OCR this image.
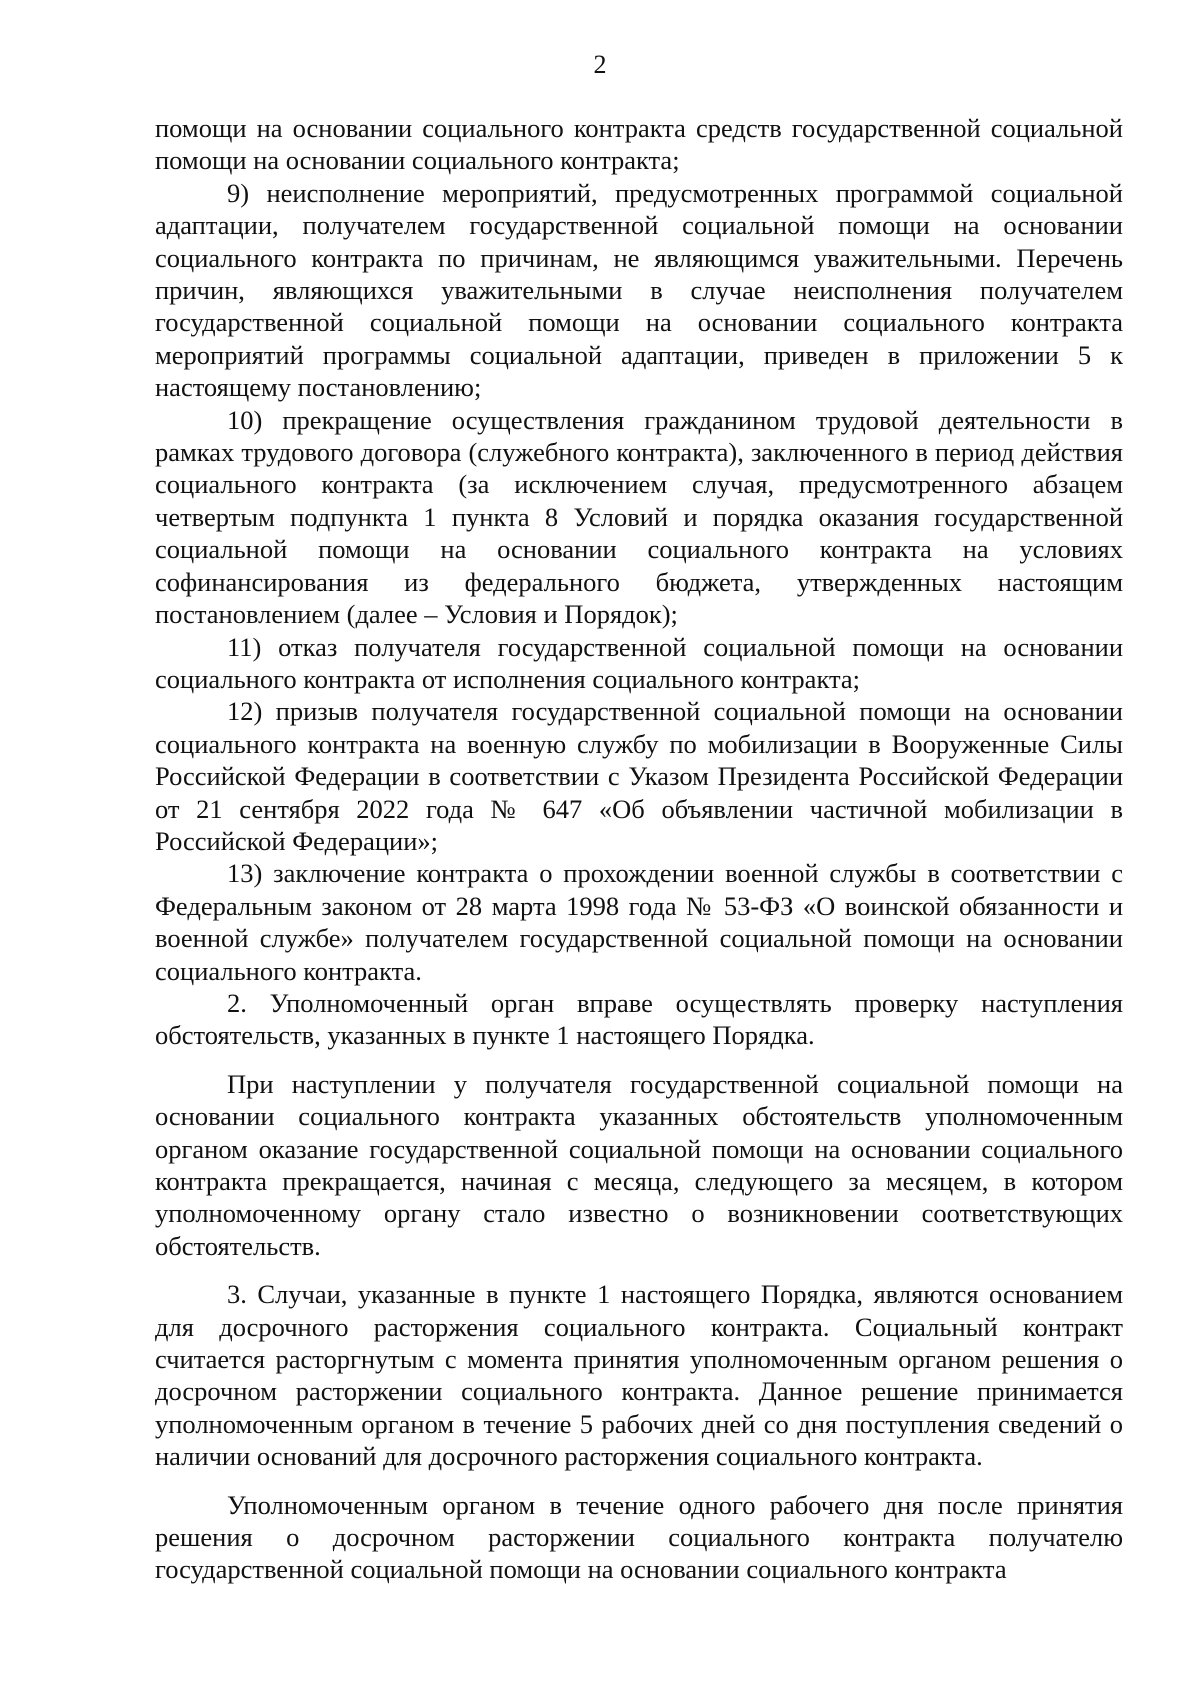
2

помощи на основании социального контракта средств государственной социальной помощи на основании социального контракта;

9) неисполнение мероприятий, предусмотренных программой социальной адаптации, получателем государственной социальной помощи на основании социального контракта по причинам, не являющимся уважительными. Перечень причин, являющихся уважительными в случае неисполнения получателем государственной социальной помощи на основании социального контракта мероприятий программы социальной адаптации, приведен в приложении 5 к настоящему постановлению;

10) прекращение осуществления гражданином трудовой деятельности в рамках трудового договора (служебного контракта), заключенного в период действия социального контракта (за исключением случая, предусмотренного абзацем четвертым подпункта 1 пункта 8 Условий и порядка оказания государственной социальной помощи на основании социального контракта на условиях софинансирования из федерального бюджета, утвержденных настоящим постановлением (далее – Условия и Порядок);

11) отказ получателя государственной социальной помощи на основании социального контракта от исполнения социального контракта;

12) призыв получателя государственной социальной помощи на основании социального контракта на военную службу по мобилизации в Вооруженные Силы Российской Федерации в соответствии с Указом Президента Российской Федерации от 21 сентября 2022 года № 647 «Об объявлении частичной мобилизации в Российской Федерации»;

13) заключение контракта о прохождении военной службы в соответствии с Федеральным законом от 28 марта 1998 года № 53-ФЗ «О воинской обязанности и военной службе» получателем государственной социальной помощи на основании социального контракта.

2. Уполномоченный орган вправе осуществлять проверку наступления обстоятельств, указанных в пункте 1 настоящего Порядка.

При наступлении у получателя государственной социальной помощи на основании социального контракта указанных обстоятельств уполномоченным органом оказание государственной социальной помощи на основании социального контракта прекращается, начиная с месяца, следующего за месяцем, в котором уполномоченному органу стало известно о возникновении соответствующих обстоятельств.

3. Случаи, указанные в пункте 1 настоящего Порядка, являются основанием для досрочного расторжения социального контракта. Социальный контракт считается расторгнутым с момента принятия уполномоченным органом решения о досрочном расторжении социального контракта. Данное решение принимается уполномоченным органом в течение 5 рабочих дней со дня поступления сведений о наличии оснований для досрочного расторжения социального контракта.

Уполномоченным органом в течение одного рабочего дня после принятия решения о досрочном расторжении социального контракта получателю государственной социальной помощи на основании социального контракта
